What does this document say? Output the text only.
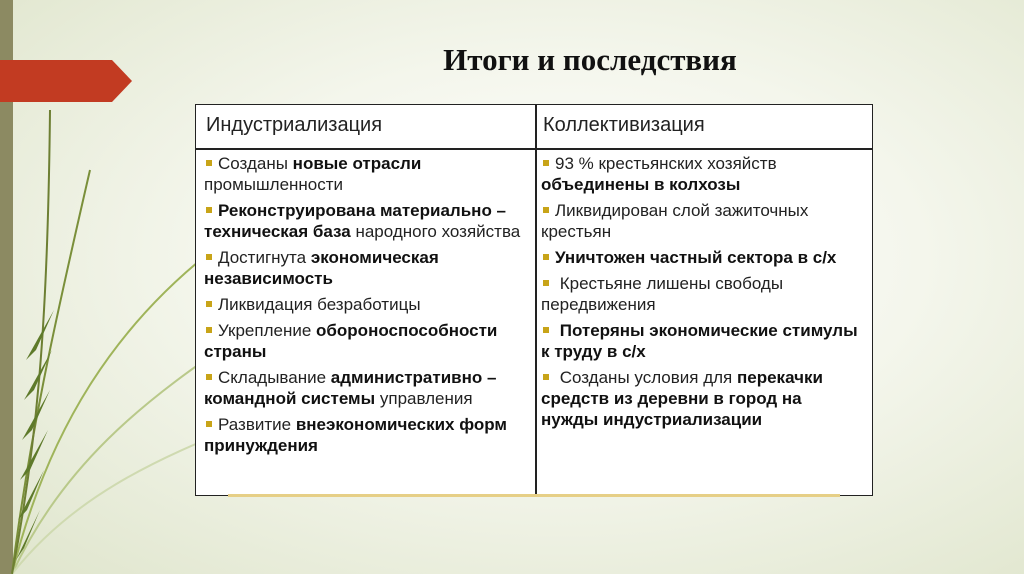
Итоги и последствия
Индустриализация	Коллективизация
Созданы новые отрасли промышленности
Реконструирована материально – техническая база народного хозяйства
Достигнута экономическая независимость
Ликвидация безработицы
Укрепление обороноспособности страны
Складывание административно – командной системы управления
Развитие внеэкономических форм принуждения
93 % крестьянских хозяйств объединены в колхозы
Ликвидирован слой зажиточных крестьян
Уничтожен частный сектора в с/х
Крестьяне лишены свободы передвижения
Потеряны экономические стимулы к труду в с/х
Созданы условия для перекачки средств из деревни в город на нужды индустриализации
